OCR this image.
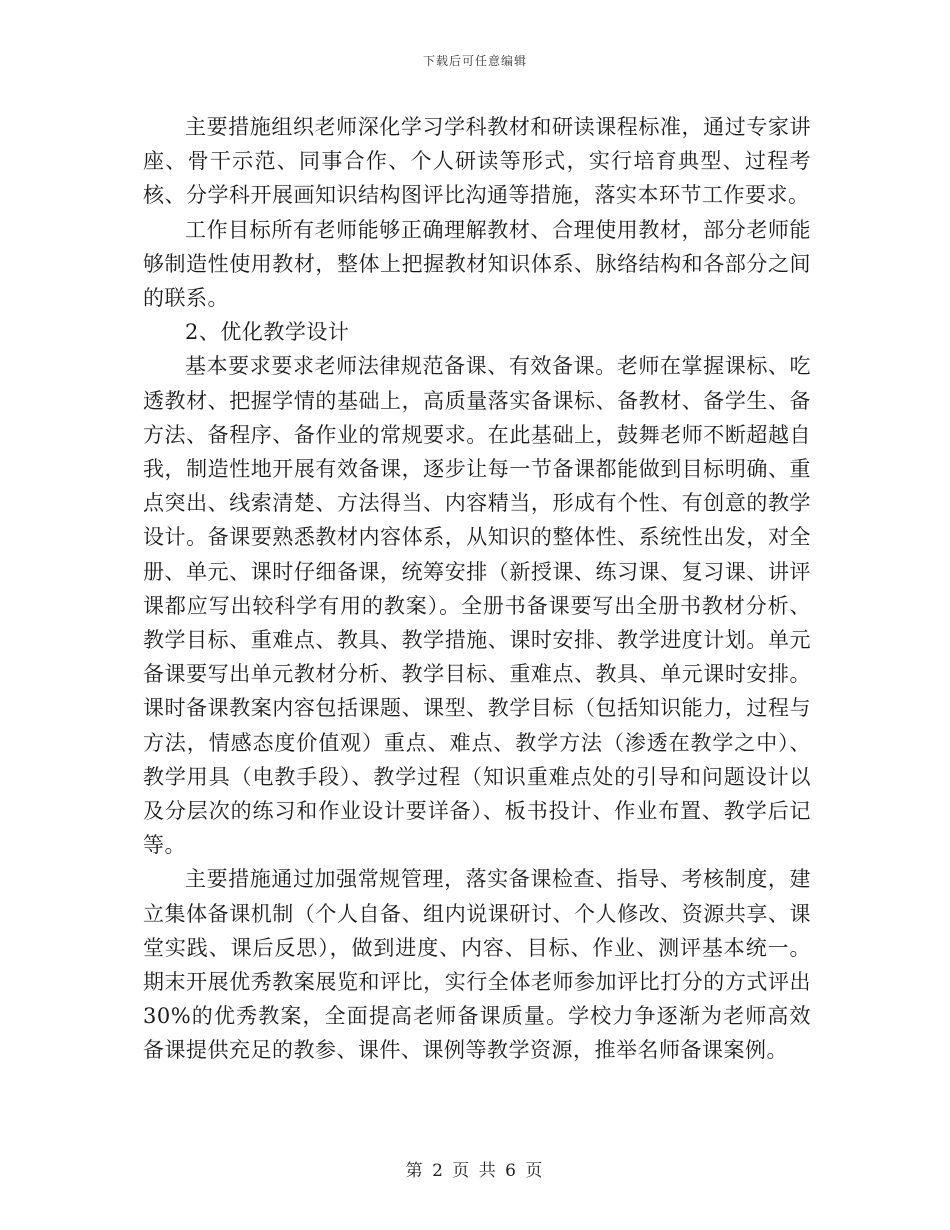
下载后可任意编辑

主要措施组织老师深化学习学科教材和研读课程标准，通过专家讲座、骨干示范、同事合作、个人研读等形式，实行培育典型、过程考核、分学科开展画知识结构图评比沟通等措施，落实本环节工作要求。

工作目标所有老师能够正确理解教材、合理使用教材，部分老师能够制造性使用教材，整体上把握教材知识体系、脉络结构和各部分之间的联系。

2、优化教学设计

基本要求要求老师法律规范备课、有效备课。老师在掌握课标、吃透教材、把握学情的基础上，高质量落实备课标、备教材、备学生、备方法、备程序、备作业的常规要求。在此基础上，鼓舞老师不断超越自我，制造性地开展有效备课，逐步让每一节备课都能做到目标明确、重点突出、线索清楚、方法得当、内容精当，形成有个性、有创意的教学设计。备课要熟悉教材内容体系，从知识的整体性、系统性出发，对全册、单元、课时仔细备课，统筹安排（新授课、练习课、复习课、讲评课都应写出较科学有用的教案）。全册书备课要写出全册书教材分析、教学目标、重难点、教具、教学措施、课时安排、教学进度计划。单元备课要写出单元教材分析、教学目标、重难点、教具、单元课时安排。课时备课教案内容包括课题、课型、教学目标（包括知识能力，过程与方法，情感态度价值观）重点、难点、教学方法（渗透在教学之中）、教学用具（电教手段）、教学过程（知识重难点处的引导和问题设计以及分层次的练习和作业设计要详备）、板书投计、作业布置、教学后记等。

主要措施通过加强常规管理，落实备课检查、指导、考核制度，建立集体备课机制（个人自备、组内说课研讨、个人修改、资源共享、课堂实践、课后反思），做到进度、内容、目标、作业、测评基本统一。期末开展优秀教案展览和评比，实行全体老师参加评比打分的方式评出30%的优秀教案，全面提高老师备课质量。学校力争逐渐为老师高效备课提供充足的教参、课件、课例等教学资源，推举名师备课案例。

第 2 页 共 6 页
